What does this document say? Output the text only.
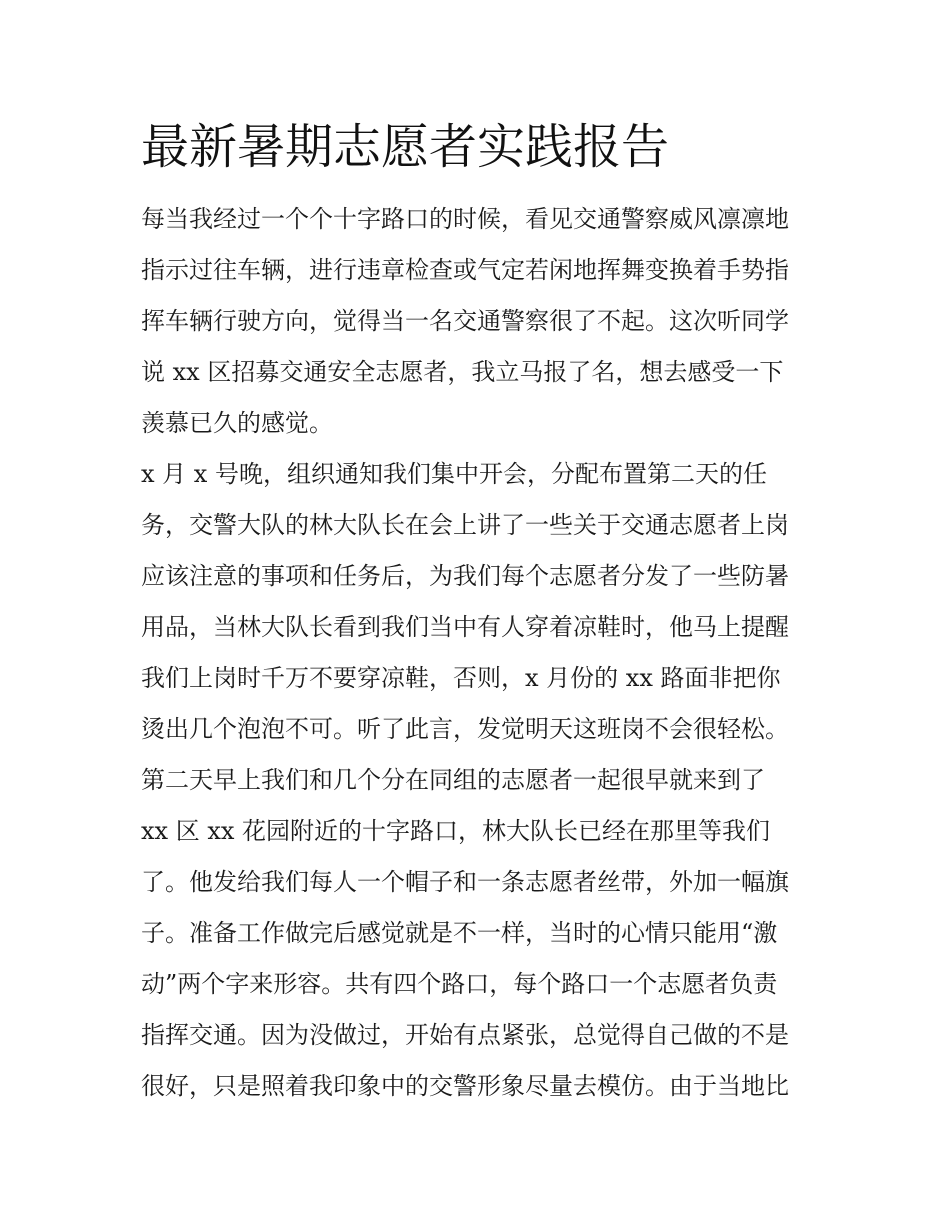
最新暑期志愿者实践报告
每当我经过一个个十字路口的时候，看见交通警察威风凛凛地
指示过往车辆，进行违章检查或气定若闲地挥舞变换着手势指
挥车辆行驶方向，觉得当一名交通警察很了不起。这次听同学
说 xx 区招募交通安全志愿者，我立马报了名，想去感受一下
羡慕已久的感觉。
x 月 x 号晚，组织通知我们集中开会，分配布置第二天的任
务，交警大队的林大队长在会上讲了一些关于交通志愿者上岗
应该注意的事项和任务后，为我们每个志愿者分发了一些防暑
用品，当林大队长看到我们当中有人穿着凉鞋时，他马上提醒
我们上岗时千万不要穿凉鞋，否则，x 月份的 xx 路面非把你
烫出几个泡泡不可。听了此言，发觉明天这班岗不会很轻松。
第二天早上我们和几个分在同组的志愿者一起很早就来到了
xx 区 xx 花园附近的十字路口，林大队长已经在那里等我们
了。他发给我们每人一个帽子和一条志愿者丝带，外加一幅旗
子。准备工作做完后感觉就是不一样，当时的心情只能用“激
动”两个字来形容。共有四个路口，每个路口一个志愿者负责
指挥交通。因为没做过，开始有点紧张，总觉得自己做的不是
很好，只是照着我印象中的交警形象尽量去模仿。由于当地比
